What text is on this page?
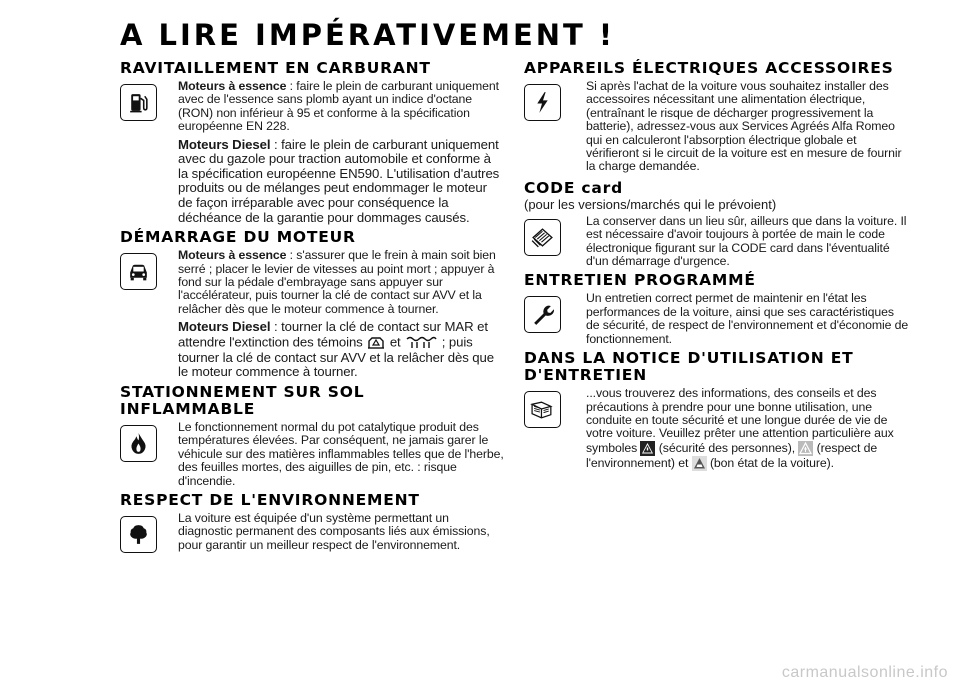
A LIRE IMPÉRATIVEMENT !
RAVITAILLEMENT EN CARBURANT

Moteurs à essence : faire le plein de carburant uniquement avec de l'essence sans plomb ayant un indice d'octane (RON) non inférieur à 95 et conforme à la spécification européenne EN 228.

Moteurs Diesel : faire le plein de carburant uniquement avec du gazole pour traction automobile et conforme à la spécification européenne EN590. L'utilisation d'autres produits ou de mélanges peut endommager le moteur de façon irréparable avec pour conséquence la déchéance de la garantie pour dommages causés.

DÉMARRAGE DU MOTEUR

Moteurs à essence : s'assurer que le frein à main soit bien serré ; placer le levier de vitesses au point mort ; appuyer à fond sur la pédale d'embrayage sans appuyer sur l'accélérateur, puis tourner la clé de contact sur AVV et la relâcher dès que le moteur commence à tourner.

Moteurs Diesel : tourner la clé de contact sur MAR et attendre l'extinction des témoins
et	; puis tourner la clé de contact sur AVV et la relâcher dès que le moteur commence à tourner.

STATIONNEMENT SUR SOL INFLAMMABLE

Le fonctionnement normal du pot catalytique produit des températures élevées. Par conséquent, ne jamais garer le véhicule sur des matières inflammables telles que de l'herbe, des feuilles mortes, des aiguilles de pin, etc. : risque d'incendie.

RESPECT DE L'ENVIRONNEMENT

La voiture est équipée d'un système permettant un diagnostic permanent des composants liés aux émissions, pour garantir un meilleur respect de l'environnement.

APPAREILS ÉLECTRIQUES ACCESSOIRES

Si après l'achat de la voiture vous souhaitez installer des accessoires nécessitant une alimentation électrique, (entraînant le risque de décharger progressivement la batterie), adressez-vous aux Services Agréés Alfa Romeo qui en calculeront l'absorption électrique globale et vérifieront si le circuit de la voiture est en mesure de fournir la charge demandée.

CODE card

(pour les versions/marchés qui le prévoient)

La conserver dans un lieu sûr, ailleurs que dans la voiture. Il est nécessaire d'avoir toujours à portée de main le code électronique figurant sur la CODE card dans l'éventualité d'un démarrage d'urgence.

ENTRETIEN PROGRAMMÉ

Un entretien correct permet de maintenir en l'état les performances de la voiture, ainsi que ses caractéristiques de sécurité, de respect de l'environnement et d'économie de fonctionnement.

DANS LA NOTICE D'UTILISATION ET D'ENTRETIEN

...vous trouverez des informations, des conseils et des précautions à prendre pour une bonne utilisation, une conduite en toute sécurité et une longue durée de vie de votre voiture. Veuillez prêter une attention particulière aux symboles
(sécurité des personnes),
(respect de l'environnement) et
(bon état de la voiture).

carmanualsonline.info
